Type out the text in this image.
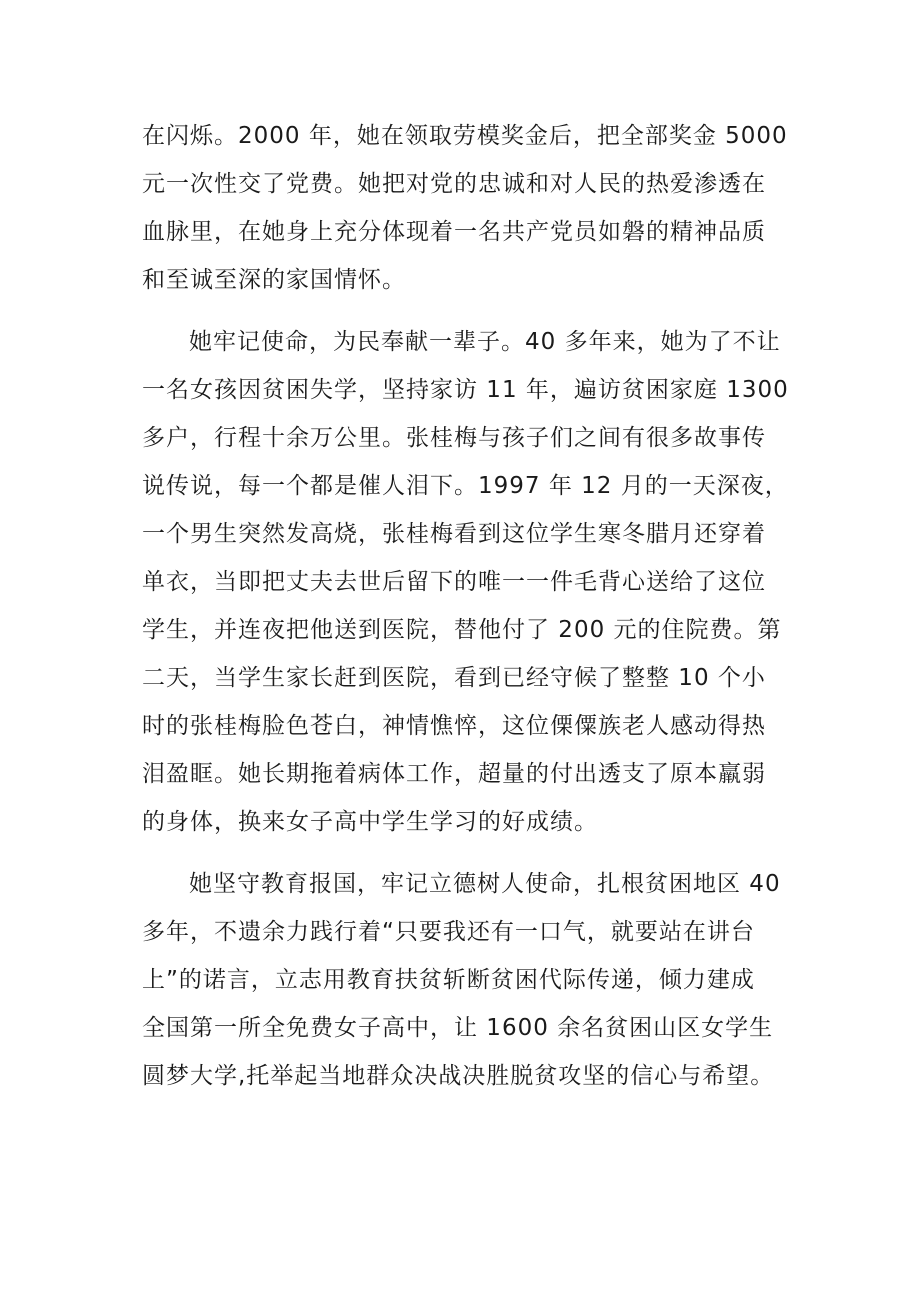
在闪烁。2000 年，她在领取劳模奖金后，把全部奖金 5000

元一次性交了党费。她把对党的忠诚和对人民的热爱渗透在

血脉里，在她身上充分体现着一名共产党员如磐的精神品质

和至诚至深的家国情怀。

她牢记使命，为民奉献一辈子。40 多年来，她为了不让

一名女孩因贫困失学，坚持家访 11 年，遍访贫困家庭 1300

多户，行程十余万公里。张桂梅与孩子们之间有很多故事传

说传说，每一个都是催人泪下。1997 年 12 月的一天深夜，

一个男生突然发高烧，张桂梅看到这位学生寒冬腊月还穿着

单衣，当即把丈夫去世后留下的唯一一件毛背心送给了这位

学生，并连夜把他送到医院，替他付了 200 元的住院费。第

二天，当学生家长赶到医院，看到已经守候了整整 10 个小

时的张桂梅脸色苍白，神情憔悴，这位傈僳族老人感动得热

泪盈眶。她长期拖着病体工作，超量的付出透支了原本羸弱

的身体，换来女子高中学生学习的好成绩。

她坚守教育报国，牢记立德树人使命，扎根贫困地区 40

多年，不遗余力践行着“只要我还有一口气，就要站在讲台

上”的诺言，立志用教育扶贫斩断贫困代际传递，倾力建成

全国第一所全免费女子高中，让 1600 余名贫困山区女学生

圆梦大学,托举起当地群众决战决胜脱贫攻坚的信心与希望。
